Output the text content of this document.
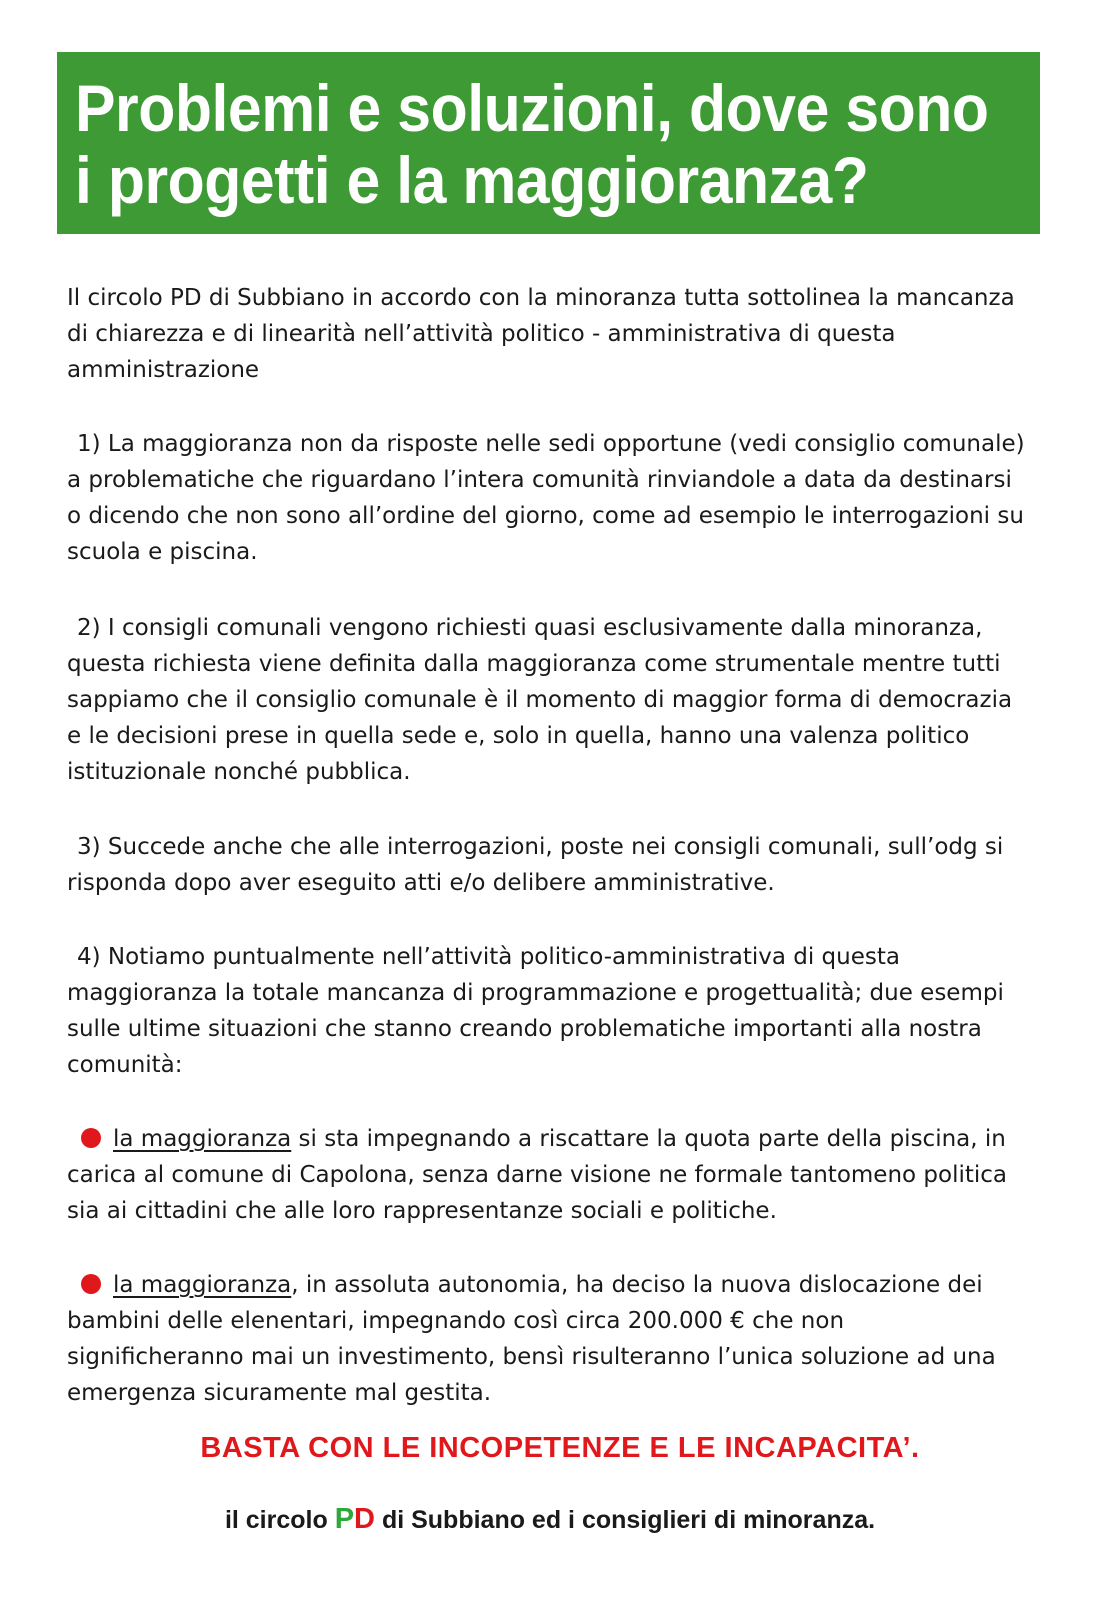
Problemi e soluzioni, dove sono
i progetti e la maggioranza?

Il circolo PD di Subbiano in accordo con la minoranza tutta sottolinea la mancanza di chiarezza e di linearità nell’attività politico - amministrativa di questa amministrazione

1) La maggioranza non da risposte nelle sedi opportune (vedi consiglio comunale) a problematiche che riguardano l’intera comunità rinviandole a data da destinarsi o dicendo che non sono all’ordine del giorno, come ad esempio le interrogazioni su scuola e piscina.

2) I consigli comunali vengono richiesti quasi esclusivamente dalla minoranza, questa richiesta viene definita dalla maggioranza come strumentale mentre tutti sappiamo che il consiglio comunale è il momento di maggior forma di democrazia e le decisioni prese in quella sede e, solo in quella, hanno una valenza politico istituzionale nonché pubblica.

3) Succede anche che alle interrogazioni, poste nei consigli comunali, sull’odg si risponda dopo aver eseguito atti e/o delibere amministrative.

4) Notiamo puntualmente nell’attività politico-amministrativa di questa maggioranza la totale mancanza di programmazione e progettualità; due esempi sulle ultime situazioni che stanno creando problematiche importanti alla nostra comunità:

la maggioranza si sta impegnando a riscattare la quota parte della piscina, in carica al comune di Capolona, senza darne visione ne formale tantomeno politica sia ai cittadini che alle loro rappresentanze sociali e politiche.

la maggioranza, in assoluta autonomia, ha deciso la nuova dislocazione dei bambini delle elenentari, impegnando così circa 200.000 € che non significheranno mai un investimento, bensì risulteranno l’unica soluzione ad una emergenza sicuramente mal gestita.

BASTA CON LE INCOPETENZE E LE INCAPACITA’.

il circolo PD di Subbiano ed i consiglieri di minoranza.
